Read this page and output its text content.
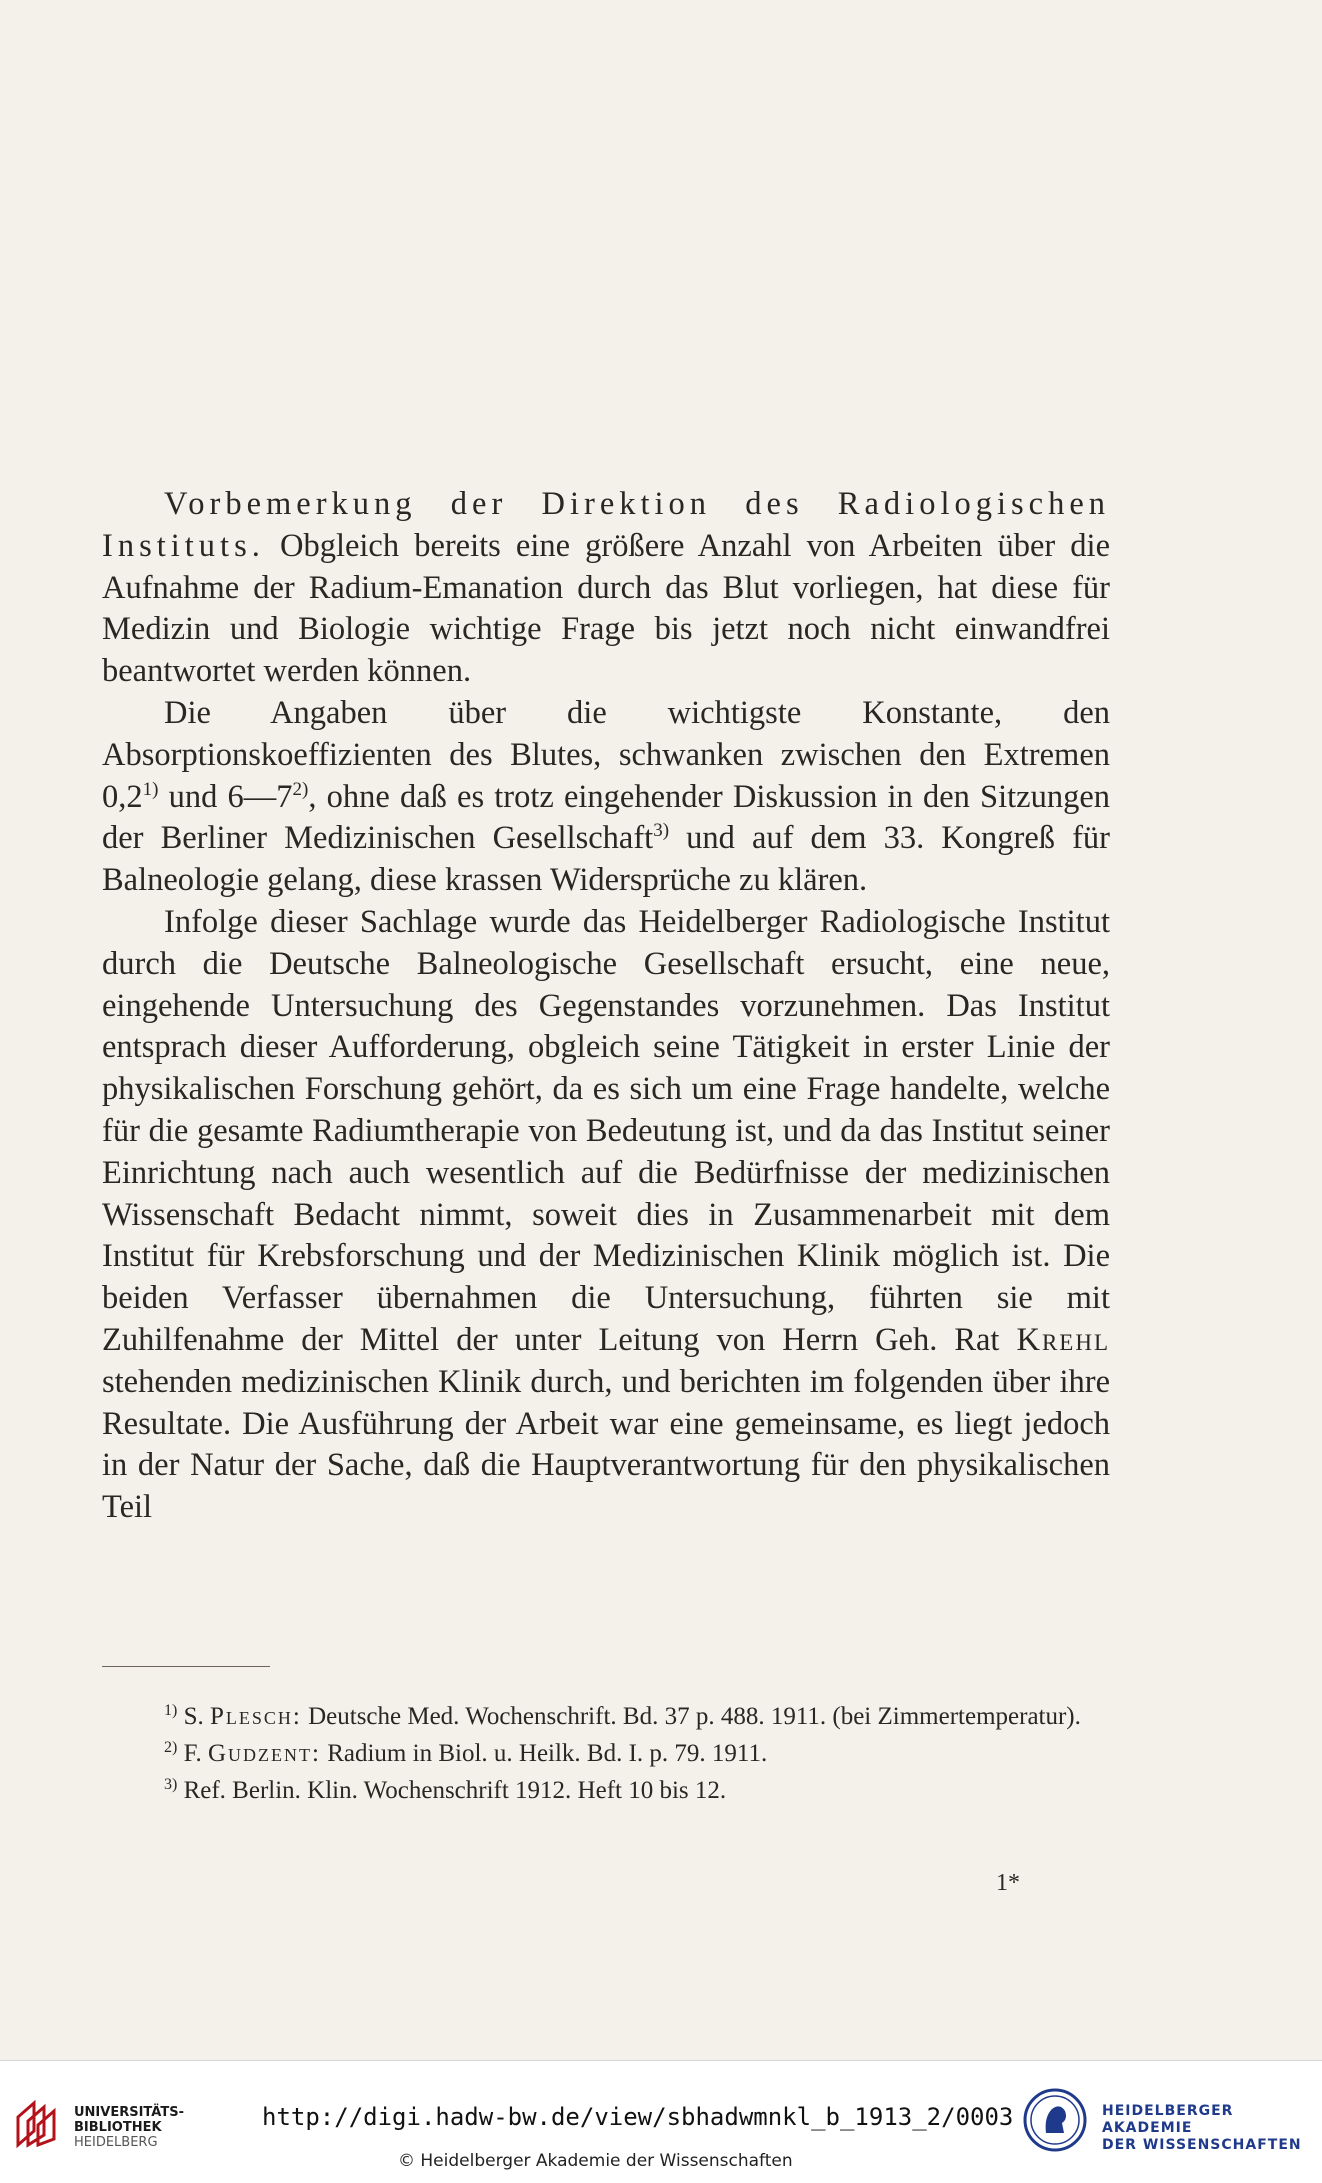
Vorbemerkung der Direktion des Radiologischen Instituts. Obgleich bereits eine größere Anzahl von Arbeiten über die Aufnahme der Radium-Emanation durch das Blut vorliegen, hat diese für Medizin und Biologie wichtige Frage bis jetzt noch nicht einwandfrei beantwortet werden können.

Die Angaben über die wichtigste Konstante, den Absorptionskoeffizienten des Blutes, schwanken zwischen den Extremen 0,2$^{1)}$ und 6—7$^{2)}$, ohne daß es trotz eingehender Diskussion in den Sitzungen der Berliner Medizinischen Gesellschaft$^{3)}$ und auf dem 33. Kongreß für Balneologie gelang, diese krassen Widersprüche zu klären.

Infolge dieser Sachlage wurde das Heidelberger Radiologische Institut durch die Deutsche Balneologische Gesellschaft ersucht, eine neue, eingehende Untersuchung des Gegenstandes vorzunehmen. Das Institut entsprach dieser Aufforderung, obgleich seine Tätigkeit in erster Linie der physikalischen Forschung gehört, da es sich um eine Frage handelte, welche für die gesamte Radiumtherapie von Bedeutung ist, und da das Institut seiner Einrichtung nach auch wesentlich auf die Bedürfnisse der medizinischen Wissenschaft Bedacht nimmt, soweit dies in Zusammenarbeit mit dem Institut für Krebsforschung und der Medizinischen Klinik möglich ist. Die beiden Verfasser übernahmen die Untersuchung, führten sie mit Zuhilfenahme der Mittel der unter Leitung von Herrn Geh. Rat Krehl stehenden medizinischen Klinik durch, und berichten im folgenden über ihre Resultate. Die Ausführung der Arbeit war eine gemeinsame, es liegt jedoch in der Natur der Sache, daß die Hauptverantwortung für den physikalischen Teil

$^{1)}$ S. Plesch: Deutsche Med. Wochenschrift. Bd. 37 p. 488. 1911. (bei Zimmertemperatur).

$^{2)}$ F. Gudzent: Radium in Biol. u. Heilk. Bd. I. p. 79. 1911.

$^{3)}$ Ref. Berlin. Klin. Wochenschrift 1912. Heft 10 bis 12.

1*
UNIVERSITÄTS-
BIBLIOTHEK
HEIDELBERG
http://digi.hadw-bw.de/view/sbhadwmnkl_b_1913_2/0003
© Heidelberger Akademie der Wissenschaften
HEIDELBERGER AKADEMIE
DER WISSENSCHAFTEN
